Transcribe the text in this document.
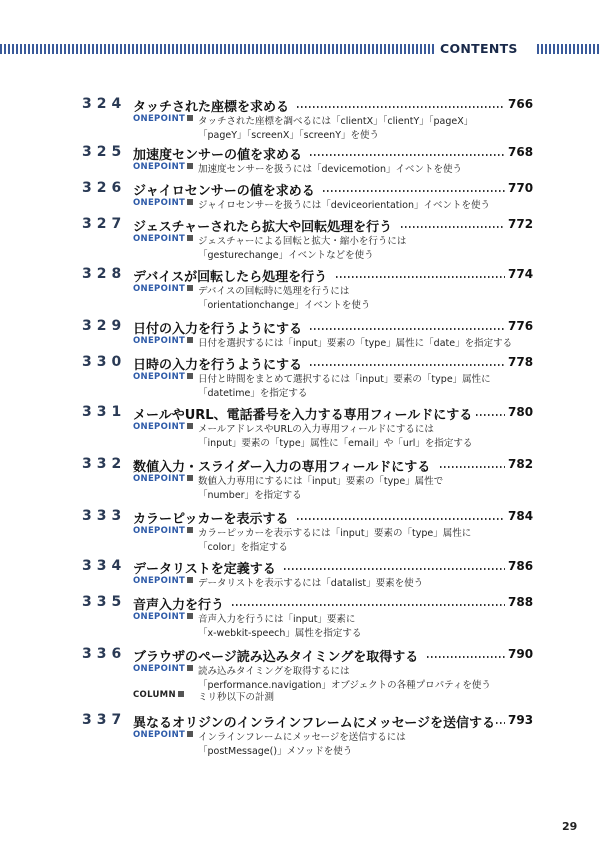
CONTENTS
324 タッチされた座標を求める	766
ONEPOINT	タッチされた座標を調べるには「clientX」「clientY」「pageX」
「pageY」「screenX」「screenY」を使う
325 加速度センサーの値を求める	768
ONEPOINT	加速度センサーを扱うには「devicemotion」イベントを使う
326 ジャイロセンサーの値を求める	770
ONEPOINT	ジャイロセンサーを扱うには「deviceorientation」イベントを使う
327 ジェスチャーされたら拡大や回転処理を行う	772
ONEPOINT	ジェスチャーによる回転と拡大・縮小を行うには
「gesturechange」イベントなどを使う
328 デバイスが回転したら処理を行う	774
ONEPOINT	デバイスの回転時に処理を行うには
「orientationchange」イベントを使う
329 日付の入力を行うようにする	776
ONEPOINT	日付を選択するには「input」要素の「type」属性に「date」を指定する
330 日時の入力を行うようにする	778
ONEPOINT	日付と時間をまとめて選択するには「input」要素の「type」属性に
「datetime」を指定する
331 メールやURL、電話番号を入力する専用フィールドにする	780
ONEPOINT	メールアドレスやURLの入力専用フィールドにするには
「input」要素の「type」属性に「email」や「url」を指定する
332 数値入力・スライダー入力の専用フィールドにする	782
ONEPOINT	数値入力専用にするには「input」要素の「type」属性で
「number」を指定する
333 カラーピッカーを表示する	784
ONEPOINT	カラーピッカーを表示するには「input」要素の「type」属性に
「color」を指定する
334 データリストを定義する	786
ONEPOINT	データリストを表示するには「datalist」要素を使う
335 音声入力を行う	788
ONEPOINT	音声入力を行うには「input」要素に
「x-webkit-speech」属性を指定する
336 ブラウザのページ読み込みタイミングを取得する	790
ONEPOINT	読み込みタイミングを取得するには
「performance.navigation」オブジェクトの各種プロパティを使う
COLUMN	ミリ秒以下の計測
337 異なるオリジンのインラインフレームにメッセージを送信する 793
ONEPOINT	インラインフレームにメッセージを送信するには
「postMessage()」メソッドを使う
29
